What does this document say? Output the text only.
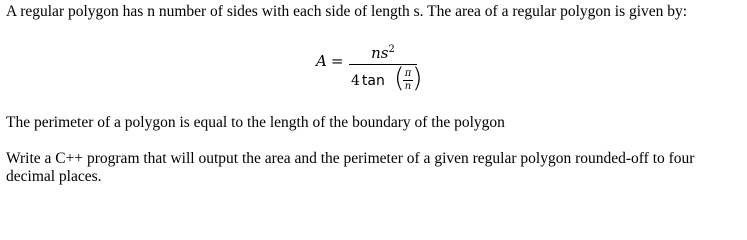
A regular polygon has n number of sides with each side of length s. The area of a regular polygon is given by:
A =	$ns^2$
4 tan ( π
n )
The perimeter of a polygon is equal to the length of the boundary of the polygon
Write a C++ program that will output the area and the perimeter of a given regular polygon rounded-off to four
decimal places.
